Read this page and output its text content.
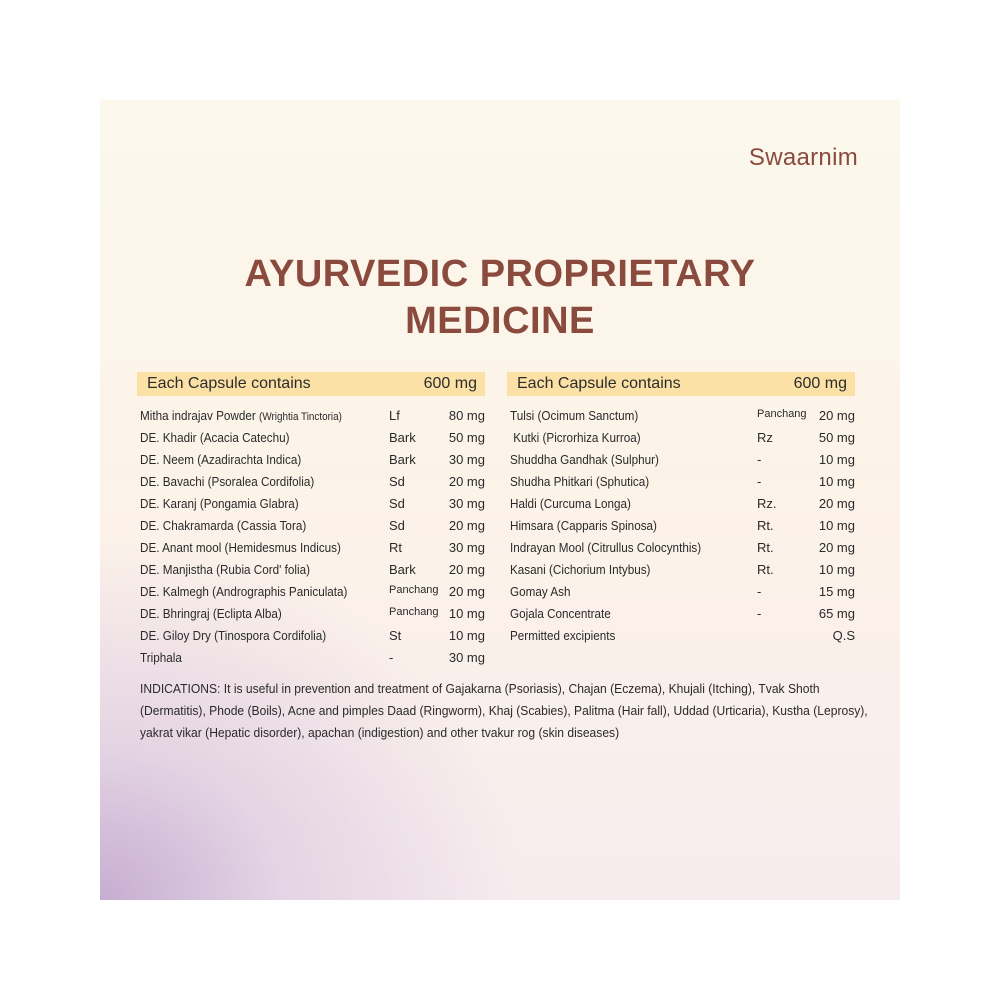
Swaarnim
AYURVEDIC PROPRIETARY
MEDICINE
Each Capsule contains	600 mg
Mitha indrajav Powder (Wrightia Tinctoria)	Lf	80 mg
DE. Khadir (Acacia Catechu)	Bark	50 mg
DE. Neem (Azadirachta Indica)	Bark	30 mg
DE. Bavachi (Psoralea Cordifolia)	Sd	20 mg
DE. Karanj (Pongamia Glabra)	Sd	30 mg
DE. Chakramarda (Cassia Tora)	Sd	20 mg
DE. Anant mool (Hemidesmus Indicus)	Rt	30 mg
DE. Manjistha (Rubia Cord' folia)	Bark	20 mg
DE. Kalmegh (Andrographis Paniculata)	Panchang 20 mg
DE. Bhringraj (Eclipta Alba)	Panchang 10 mg
DE. Giloy Dry (Tinospora Cordifolia)	St	10 mg
Triphala	-	30 mg
Each Capsule contains	600 mg
Tulsi (Ocimum Sanctum)	Panchang 20 mg
Kutki (Picrorhiza Kurroa)	Rz	50 mg
Shuddha Gandhak (Sulphur)	-	10 mg
Shudha Phitkari (Sphutica)	-	10 mg
Haldi (Curcuma Longa)	Rz.	20 mg
Himsara (Capparis Spinosa)	Rt.	10 mg
Indrayan Mool (Citrullus Colocynthis)	Rt.	20 mg
Kasani (Cichorium Intybus)	Rt.	10 mg
Gomay Ash	-	15 mg
Gojala Concentrate	-	65 mg
Permitted excipients	Q.S
INDICATIONS: It is useful in prevention and treatment of Gajakarna (Psoriasis), Chajan (Eczema), Khujali (Itching), Tvak Shoth (Dermatitis), Phode (Boils), Acne and pimples Daad (Ringworm), Khaj (Scabies), Palitma (Hair fall), Uddad (Urticaria), Kustha (Leprosy), yakrat vikar (Hepatic disorder), apachan (indigestion) and other tvakur rog (skin diseases)
